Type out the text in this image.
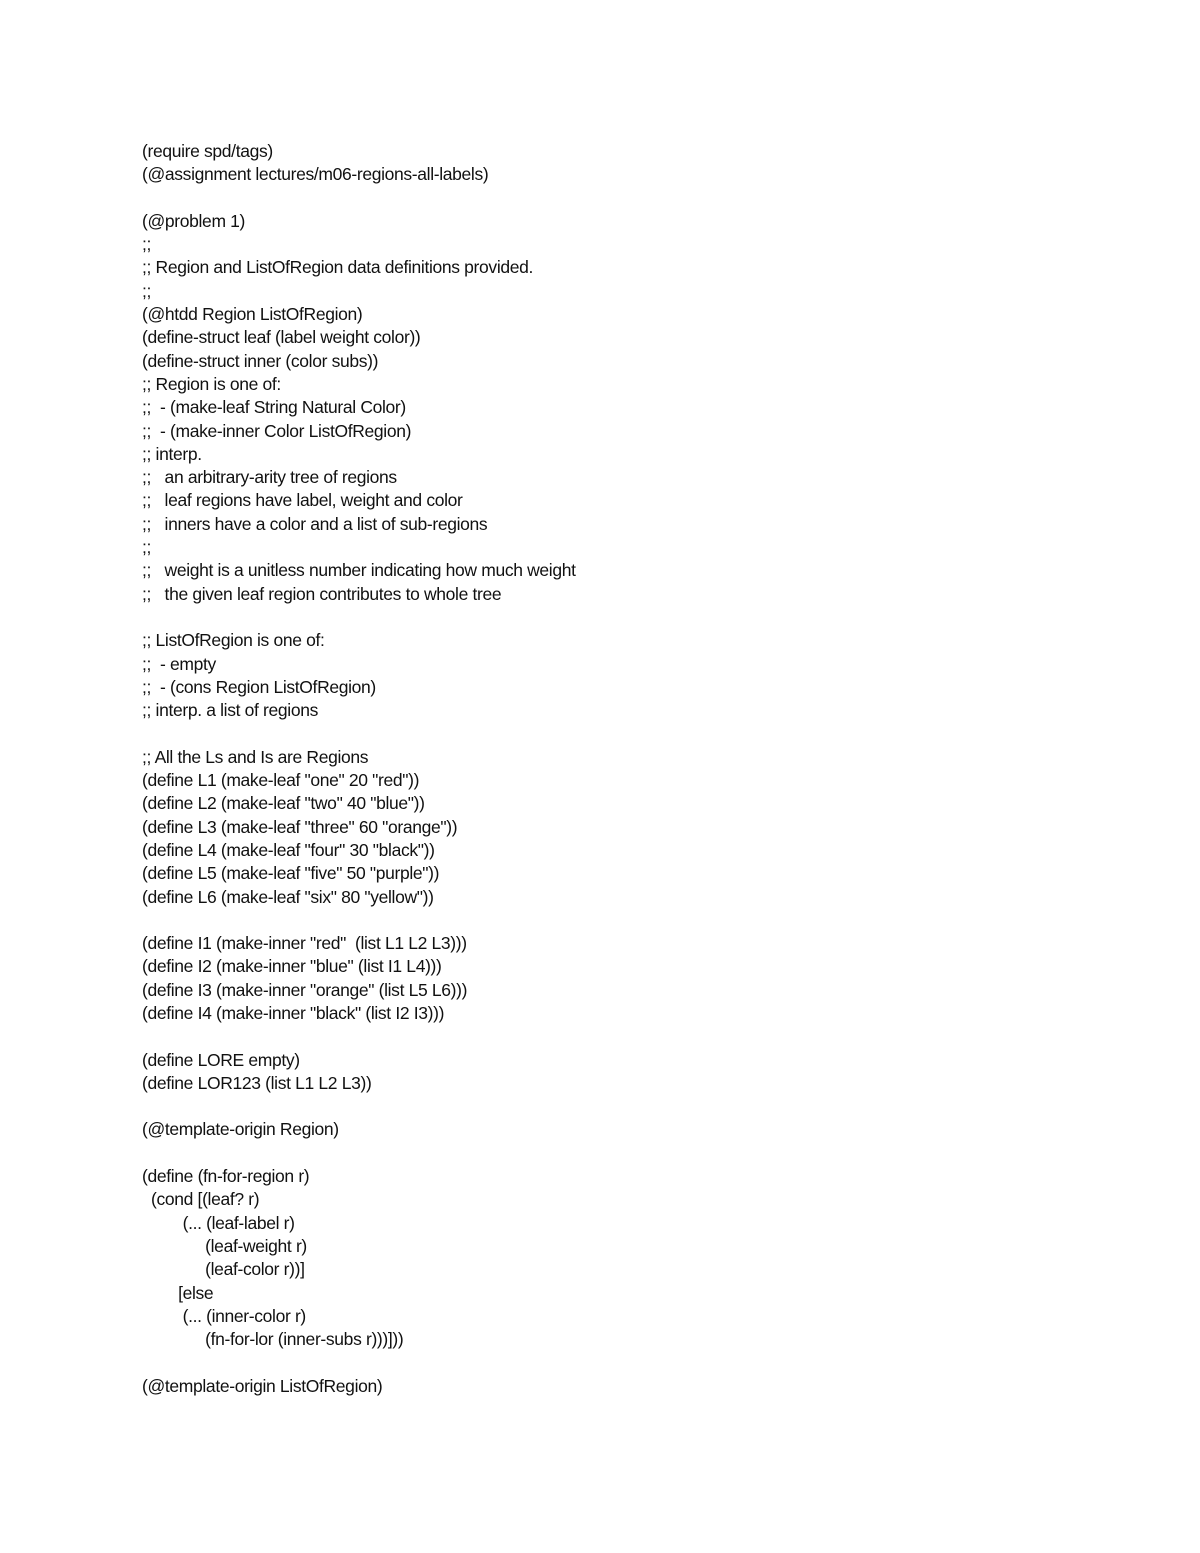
(require spd/tags)
(@assignment lectures/m06-regions-all-labels)
(@problem 1)
;;
;; Region and ListOfRegion data definitions provided.
;;
(@htdd Region ListOfRegion)
(define-struct leaf (label weight color))
(define-struct inner (color subs))
;; Region is one of:
;;  - (make-leaf String Natural Color)
;;  - (make-inner Color ListOfRegion)
;; interp.
;;   an arbitrary-arity tree of regions
;;   leaf regions have label, weight and color
;;   inners have a color and a list of sub-regions
;;
;;   weight is a unitless number indicating how much weight
;;   the given leaf region contributes to whole tree
;; ListOfRegion is one of:
;;  - empty
;;  - (cons Region ListOfRegion)
;; interp. a list of regions
;; All the Ls and Is are Regions
(define L1 (make-leaf "one" 20 "red"))
(define L2 (make-leaf "two" 40 "blue"))
(define L3 (make-leaf "three" 60 "orange"))
(define L4 (make-leaf "four" 30 "black"))
(define L5 (make-leaf "five" 50 "purple"))
(define L6 (make-leaf "six" 80 "yellow"))
(define I1 (make-inner "red"  (list L1 L2 L3)))
(define I2 (make-inner "blue" (list I1 L4)))
(define I3 (make-inner "orange" (list L5 L6)))
(define I4 (make-inner "black" (list I2 I3)))
(define LORE empty)
(define LOR123 (list L1 L2 L3))
(@template-origin Region)
(define (fn-for-region r)
(cond [(leaf? r)
(... (leaf-label r)
(leaf-weight r)
(leaf-color r))]
[else
(... (inner-color r)
(fn-for-lor (inner-subs r)))]))
(@template-origin ListOfRegion)
